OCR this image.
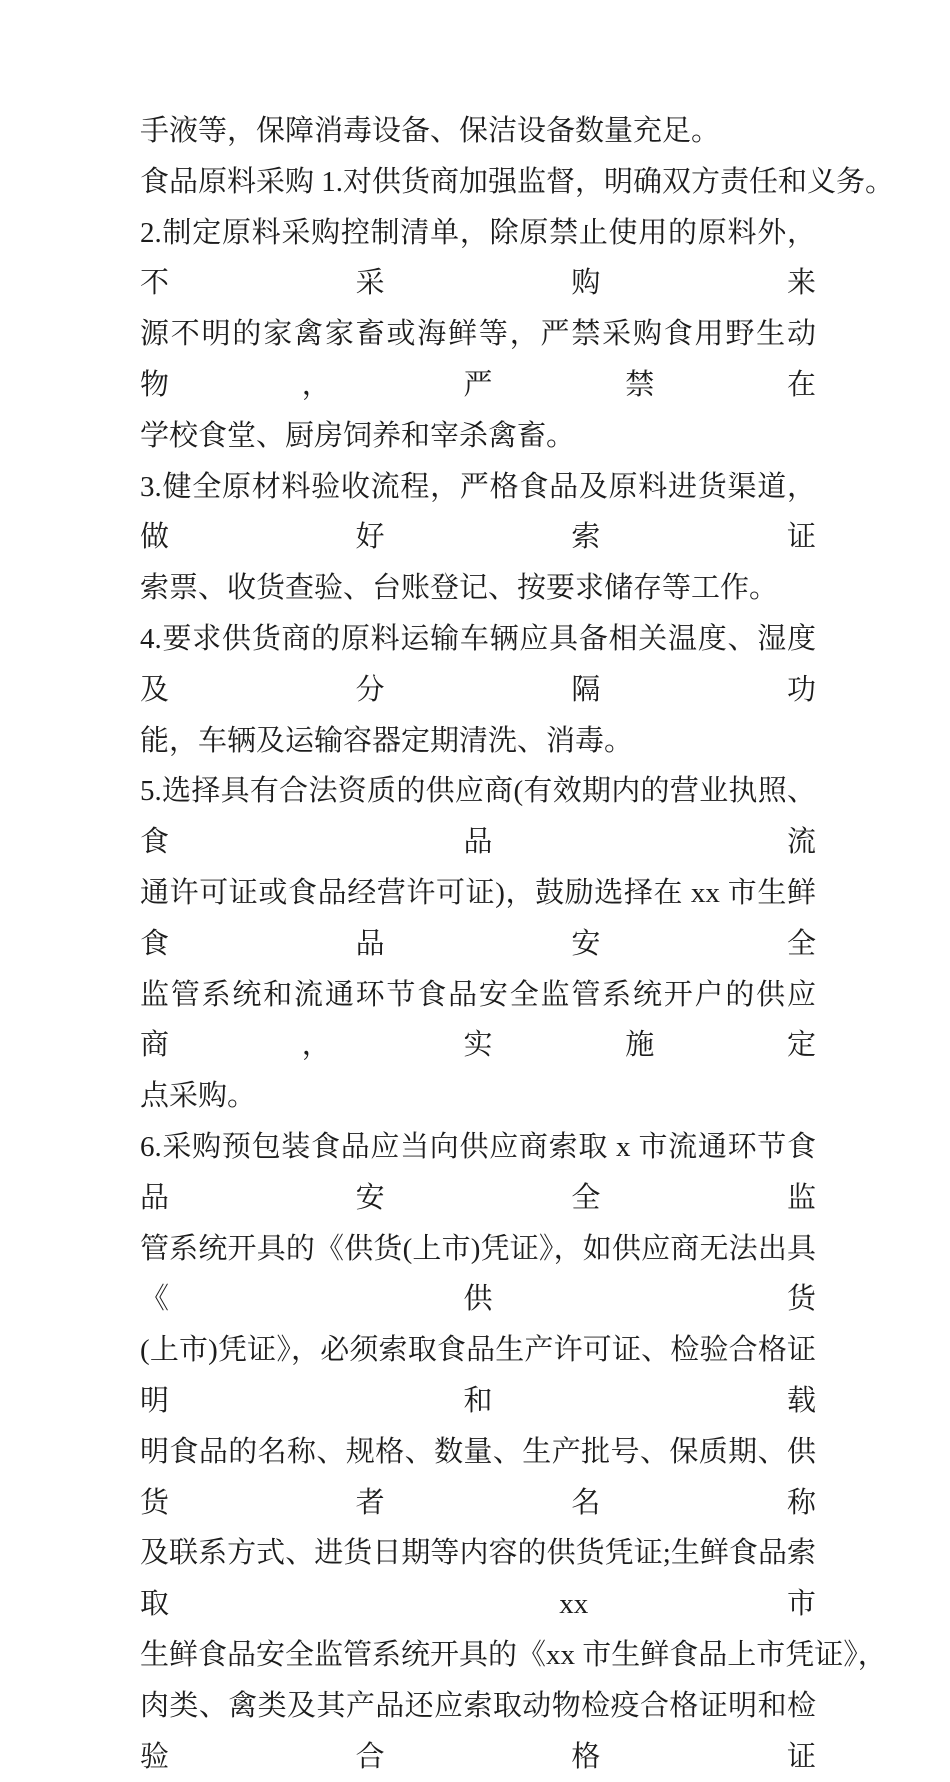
手液等，保障消毒设备、保洁设备数量充足。
食品原料采购 1.对供货商加强监督，明确双方责任和义务。
2.制定原料采购控制清单，除原禁止使用的原料外，不采购来
源不明的家禽家畜或海鲜等，严禁采购食用野生动物，严禁在
学校食堂、厨房饲养和宰杀禽畜。
3.健全原材料验收流程，严格食品及原料进货渠道，做好索证
索票、收货查验、台账登记、按要求储存等工作。
4.要求供货商的原料运输车辆应具备相关温度、湿度及分隔功
能，车辆及运输容器定期清洗、消毒。
5.选择具有合法资质的供应商(有效期内的营业执照、食品流
通许可证或食品经营许可证)，鼓励选择在 xx 市生鲜食品安全
监管系统和流通环节食品安全监管系统开户的供应商，实施定
点采购。
6.采购预包装食品应当向供应商索取 x 市流通环节食品安全监
管系统开具的《供货(上市)凭证》，如供应商无法出具《供货
(上市)凭证》，必须索取食品生产许可证、检验合格证明和载
明食品的名称、规格、数量、生产批号、保质期、供货者名称
及联系方式、进货日期等内容的供货凭证;生鲜食品索取 xx 市
生鲜食品安全监管系统开具的《xx 市生鲜食品上市凭证》，
肉类、禽类及其产品还应索取动物检疫合格证明和检验合格证
